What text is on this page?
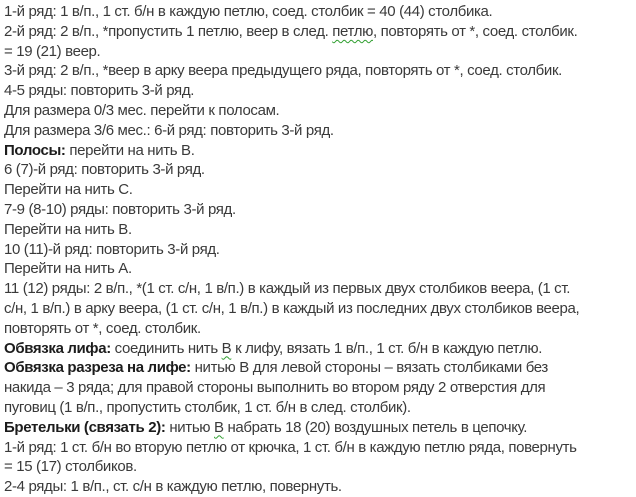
1-й ряд: 1 в/п., 1 ст. б/н в каждую петлю, соед. столбик = 40 (44) столбика.
2-й ряд: 2 в/п., *пропустить 1 петлю, веер в след. петлю, повторять от *, соед. столбик.
= 19 (21) веер.
3-й ряд: 2 в/п., *веер в арку веера предыдущего ряда, повторять от *, соед. столбик.
4-5 ряды: повторить 3-й ряд.
Для размера 0/3 мес. перейти к полосам.
Для размера 3/6 мес.: 6-й ряд: повторить 3-й ряд.
Полосы: перейти на нить В.
6 (7)-й ряд: повторить 3-й ряд.
Перейти на нить С.
7-9 (8-10) ряды: повторить 3-й ряд.
Перейти на нить В.
10 (11)-й ряд: повторить 3-й ряд.
Перейти на нить А.
11 (12) ряды: 2 в/п., *(1 ст. с/н, 1 в/п.) в каждый из первых двух столбиков веера, (1 ст.
с/н, 1 в/п.) в арку веера, (1 ст. с/н, 1 в/п.) в каждый из последних двух столбиков веера,
повторять от *, соед. столбик.
Обвязка лифа: соединить нить В к лифу, вязать 1 в/п., 1 ст. б/н в каждую петлю.
Обвязка разреза на лифе: нитью В для левой стороны – вязать столбиками без
накида – 3 ряда; для правой стороны выполнить во втором ряду 2 отверстия для
пуговиц (1 в/п., пропустить столбик, 1 ст. б/н в след. столбик).
Бретельки (связать 2): нитью В набрать 18 (20) воздушных петель в цепочку.
1-й ряд: 1 ст. б/н во вторую петлю от крючка, 1 ст. б/н в каждую петлю ряда, повернуть
= 15 (17) столбиков.
2-4 ряды: 1 в/п., ст. с/н в каждую петлю, повернуть.
